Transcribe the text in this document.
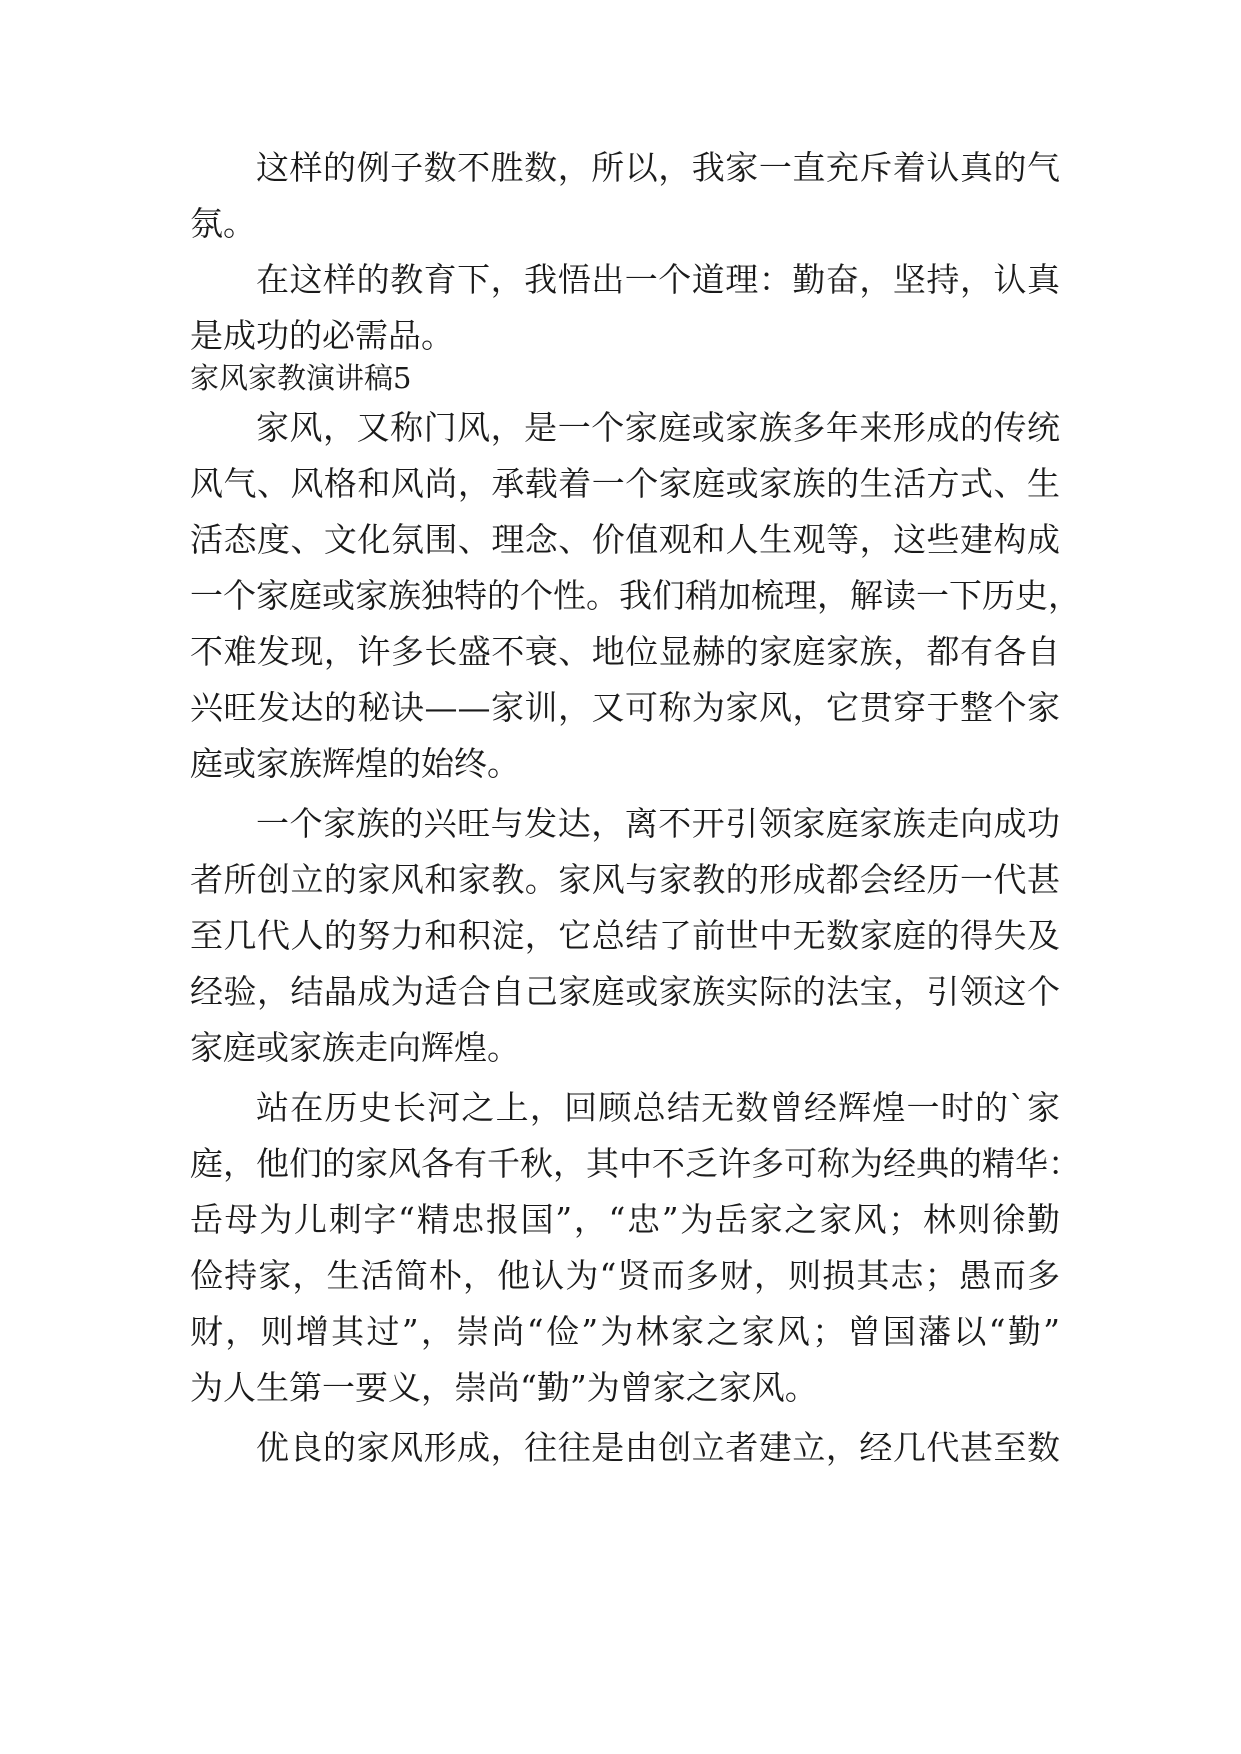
这样的例子数不胜数，所以，我家一直充斥着认真的气
氛。
在这样的教育下，我悟出一个道理：勤奋，坚持，认真
是成功的必需品。
家风家教演讲稿5
家风，又称门风，是一个家庭或家族多年来形成的传统
风气、风格和风尚，承载着一个家庭或家族的生活方式、生
活态度、文化氛围、理念、价值观和人生观等，这些建构成
一个家庭或家族独特的个性。我们稍加梳理，解读一下历史，
不难发现，许多长盛不衰、地位显赫的家庭家族，都有各自
兴旺发达的秘诀——家训，又可称为家风，它贯穿于整个家
庭或家族辉煌的始终。
一个家族的兴旺与发达，离不开引领家庭家族走向成功
者所创立的家风和家教。家风与家教的形成都会经历一代甚
至几代人的努力和积淀，它总结了前世中无数家庭的得失及
经验，结晶成为适合自己家庭或家族实际的法宝，引领这个
家庭或家族走向辉煌。
站在历史长河之上，回顾总结无数曾经辉煌一时的`家
庭，他们的家风各有千秋，其中不乏许多可称为经典的精华：
岳母为儿刺字“精忠报国”，“忠”为岳家之家风；林则徐勤
俭持家，生活简朴，他认为“贤而多财，则损其志；愚而多
财，则增其过”，崇尚“俭”为林家之家风；曾国藩以“勤”
为人生第一要义，崇尚“勤”为曾家之家风。
优良的家风形成，往往是由创立者建立，经几代甚至数
